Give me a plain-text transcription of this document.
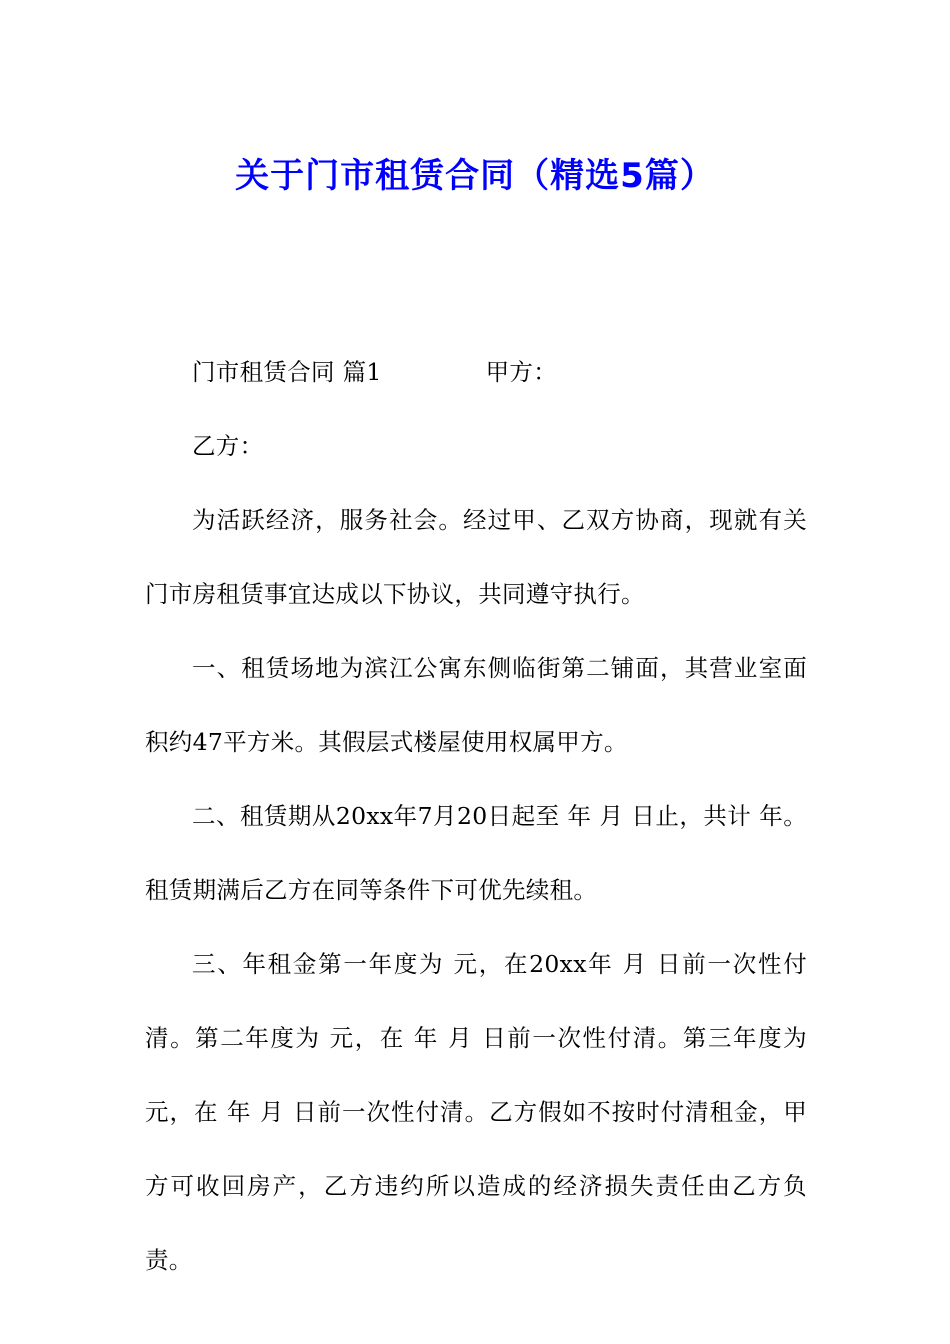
关于门市租赁合同（精选5篇）

门市租赁合同 篇1	甲方：

乙方：

为活跃经济，服务社会。经过甲、乙双方协商，现就有关门市房租赁事宜达成以下协议，共同遵守执行。

一、租赁场地为滨江公寓东侧临街第二铺面，其营业室面积约47平方米。其假层式楼屋使用权属甲方。

二、租赁期从20xx年7月20日起至 年 月 日止，共计 年。租赁期满后乙方在同等条件下可优先续租。

三、年租金第一年度为 元，在20xx年 月 日前一次性付清。第二年度为 元，在 年 月 日前一次性付清。第三年度为 元，在 年 月 日前一次性付清。乙方假如不按时付清租金，甲方可收回房产，乙方违约所以造成的经济损失责任由乙方负责。
